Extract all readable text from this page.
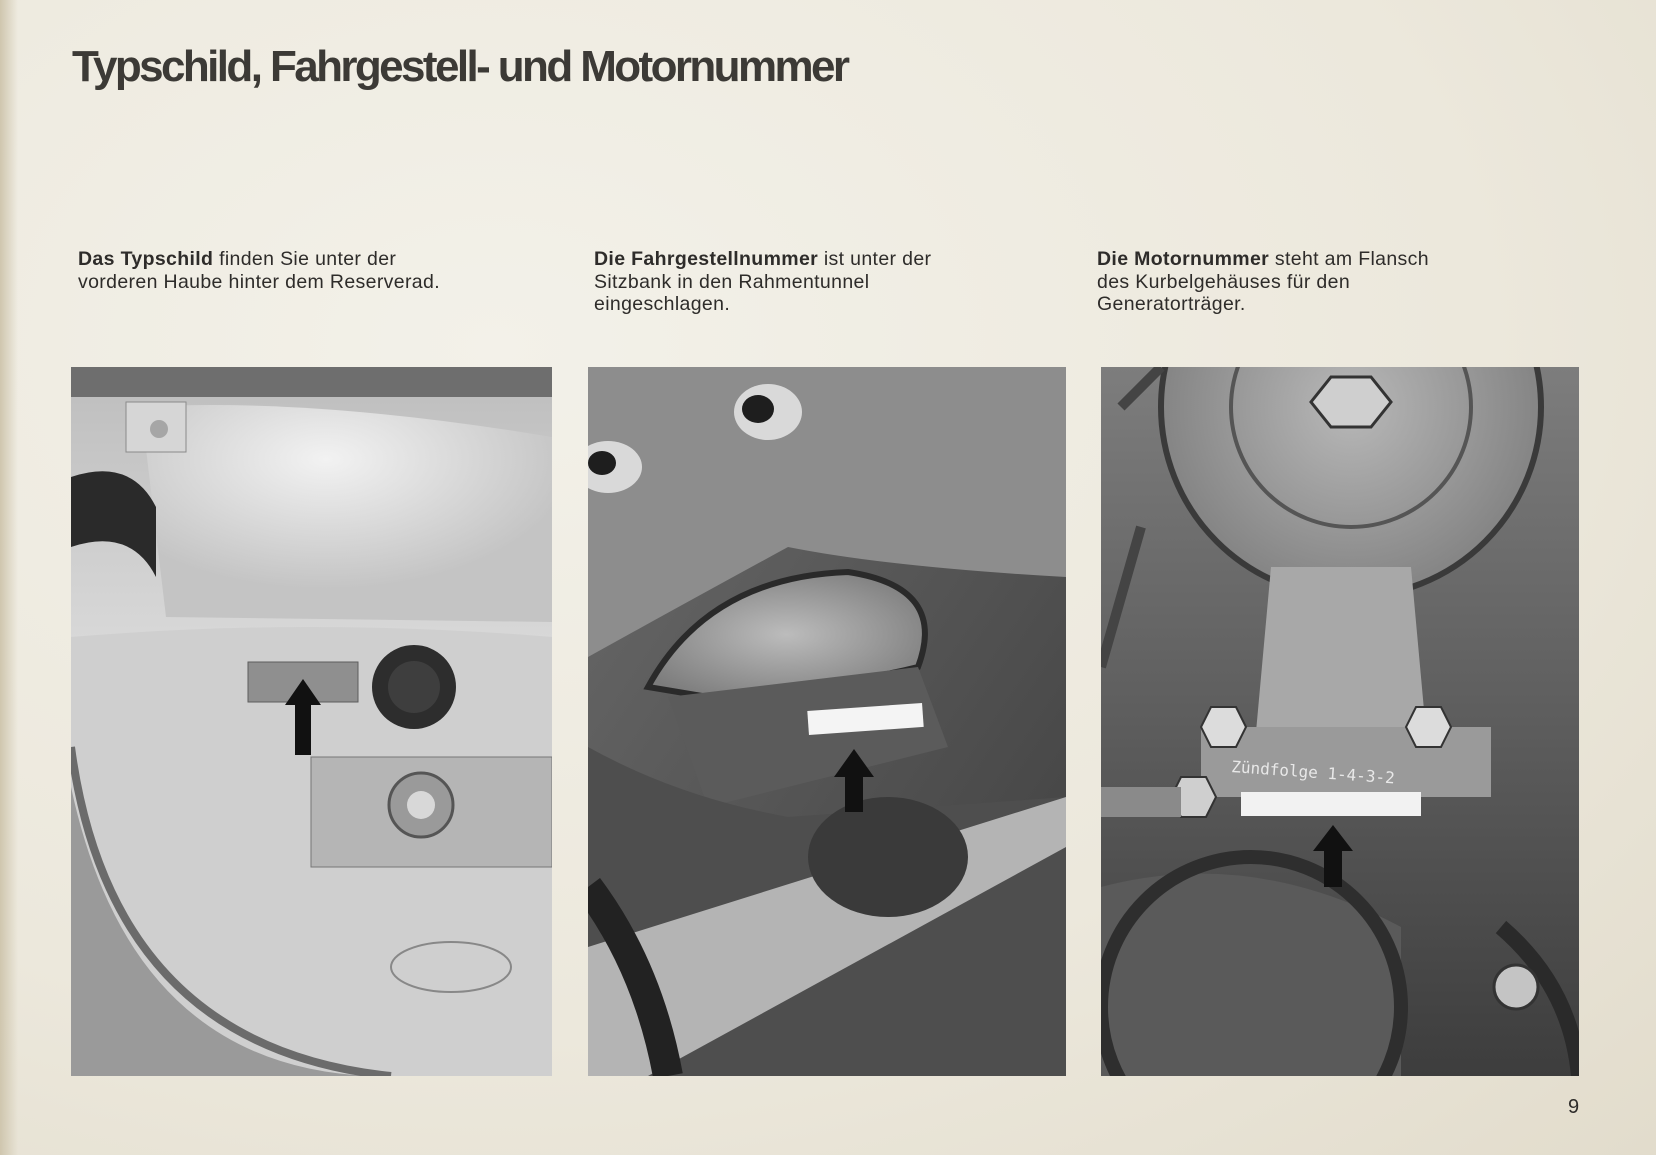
Typschild, Fahrgestell- und Motornummer
Das Typschild finden Sie unter der vorderen Haube hinter dem Reserverad.
Die Fahrgestellnummer ist unter der Sitzbank in den Rahmentunnel eingeschlagen.
Die Motornummer steht am Flansch des Kurbelgehäuses für den Generatorträger.
Zündfolge 1-4-3-2
9
